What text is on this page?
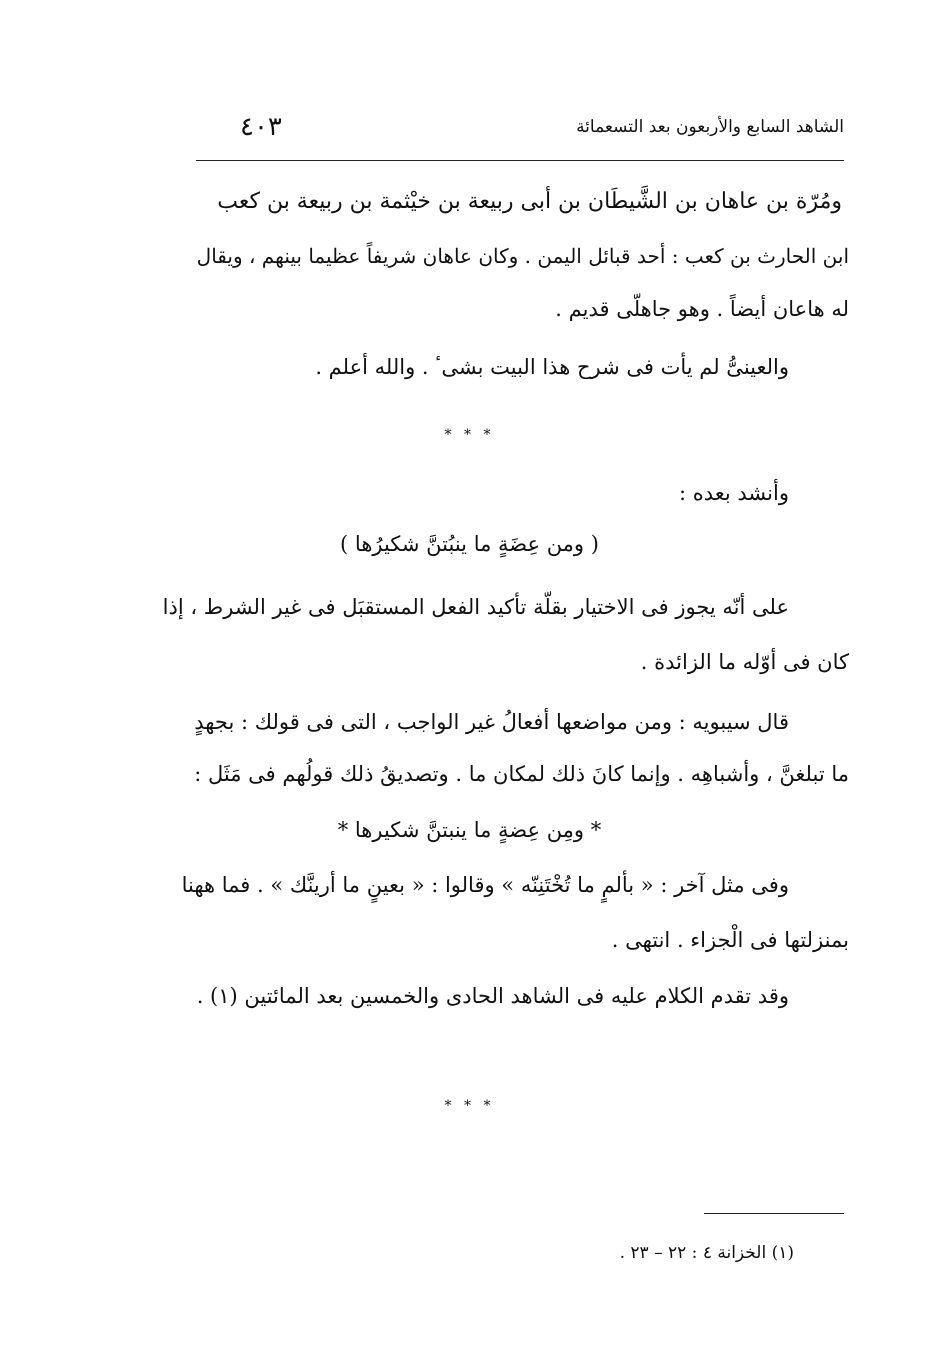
الشاهد السابع والأربعون بعد التسعمائة
٤٠٣
ومُرّة بن عاهان بن الشَّيطَان بن أبى ربيعة بن خيْثمة بن ربيعة بن كعب
ابن الحارث بن كعب : أحد قبائل اليمن . وكان عاهان شريفاً عظيما بينهم ، ويقال
له هاعان أيضاً . وهو جاهلّى قديم .
والعينىُّ لم يأت فى شرح هذا البيت بشىٴ . والله أعلم .
* * *
وأنشد بعده :
( ومن عِضَةٍ ما ينبُتنَّ شكيرُها )
على أنّه يجوز فى الاختيار بقلّة تأكيد الفعل المستقبَل فى غير الشرط ، إذا
كان فى أوّله ما الزائدة .
قال سيبويه : ومن مواضعها أفعالُ غير الواجب ، التى فى قولك : بجهدٍ
ما تبلغنَّ ، وأشباهِه . وإنما كانَ ذلك لمكان ما . وتصديقُ ذلك قولُهم فى مَثَل :
* ومِن عِضةٍ ما ينبتنَّ شكيرها *
وفى مثل آخر : « بألمٍ ما تُخْتَنِنّه » وقالوا : « بعينٍ ما أرينَّك » . فما ههنا
بمنزلتها فى الْجزاء . انتهى .
وقد تقدم الكلام عليه فى الشاهد الحادى والخمسين بعد المائتين (١) .
* * *
(١) الخزانة ٤ : ٢٢ – ٢٣ .
